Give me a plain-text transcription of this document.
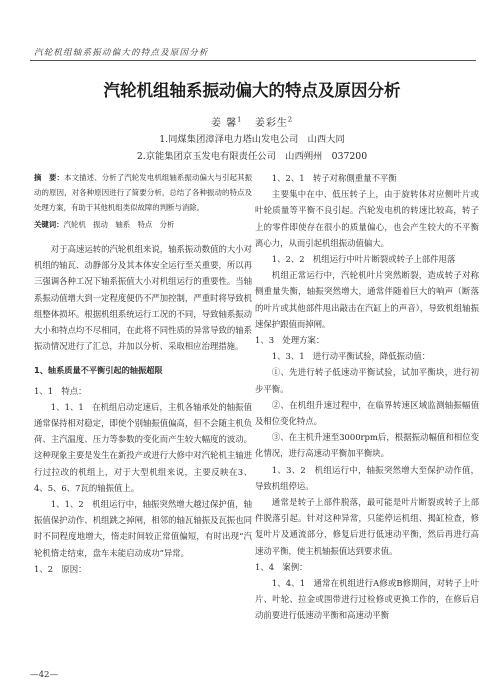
汽轮机组轴系振动偏大的特点及原因分析
汽轮机组轴系振动偏大的特点及原因分析
姜 馨$^1$ 姜彩生$^2$
1.同煤集团漳泽电力塔山发电公司　山西大同
2.京能集团京玉发电有限责任公司　山西朔州　037200

摘　要：本文描述、分析了汽轮发电机组轴系振动偏大与引起其振动的原因，对各种原因进行了简要分析，总结了各种振动的特点及处理方案，有助于其他机组类似故障的判断与消除。

关键词：汽轮机　振动　轴系　特点　分析

对于高速运转的汽轮机组来说，轴系振动数值的大小对机组的轴瓦、动静部分及其本体安全运行至关重要，所以再三强调各种工况下轴系振值大小对机组运行的重要性。当轴系振动值增大到一定程度便仍不严加控制，严重时将导致机组整体损坏。根据机组系统运行工况的不同，导致轴系振动大小和特点均不尽相同，在此将不同性质的异常导致的轴系振动情况进行了汇总，并加以分析、采取相应治理措施。

1、轴系质量不平衡引起的轴振超限

1、1　特点：

1、1、1　在机组启动定速后，主机各轴承处的轴振值通常保持相对稳定，即使个别轴振值偏高，但不会随主机负荷、主汽温度、压力等参数的变化而产生较大幅度的波动。这种现象主要是发生在新投产或进行大修中对汽轮机主轴进行过拉改的机组上，对于大型机组来说，主要反映在3、4、5、6、7瓦的轴振值上。

1、1、2　机组运行中，轴振突然增大越过保护值，轴振值保护动作、机组跳之掉闸，相邻的轴瓦轴振及瓦振也同时不同程度地增大，惰走时间较正常值偏短，有时出现“汽轮机惰走结束，盘车未能启动成功”异常。

1、2　原因：

1、2、1　转子对称側重量不平衡

主要集中在中、低压转子上，由于旋转体对应侧叶片或叶轮质量等平衡不良引起。汽轮发电机的转速比较高，转子上的零件即使存在很小的质量偏心，也会产生较大的不平衡离心力，从而引起机组振动值偏大。

1、2、2　机组运行中叶片断裂或转子上部件甩落

机组正常运行中，汽轮机叶片突然断裂，造成转子对称侧重量失衡，轴振突然增大，通常伴随着巨大的响声（断落的叶片或其他部件甩出敲击在汽缸上的声音），导致机组轴振速保护跟值而掉闸。

1、3　处理方案：

1、3、1　进行动平衡试验，降低振动值：

①、先进行转子低速动平衡试验，试加平衡块，进行初步平衡。

②、在机组升速过程中，在临界转速区域监测轴振幅值及相位变化特点。

③、在主机升速至3000rpm后，根据振动幅值和相位变化情况，进行高速动平衡加平衡块。

1、3、2　机组运行中，轴振突然增大至保护动作值，导致机组停运。

通常是转子上部件脱落，最可能是叶片断裂或转子上部件脱落引起。针对这种异常，只能停运机组、揭缸检查，修复叶片及通流部分，修复后进行低速动平衡，然后再进行高速动平衡，使主机轴振值达到要求值。

1、4　案例：

1、4、1　通常在机组进行A修或B修期间，对转子上叶片、叶轮、拉金或围带进行过检修或更换工作的，在修后启动前要进行低速动平衡和高速动平衡

—42—
